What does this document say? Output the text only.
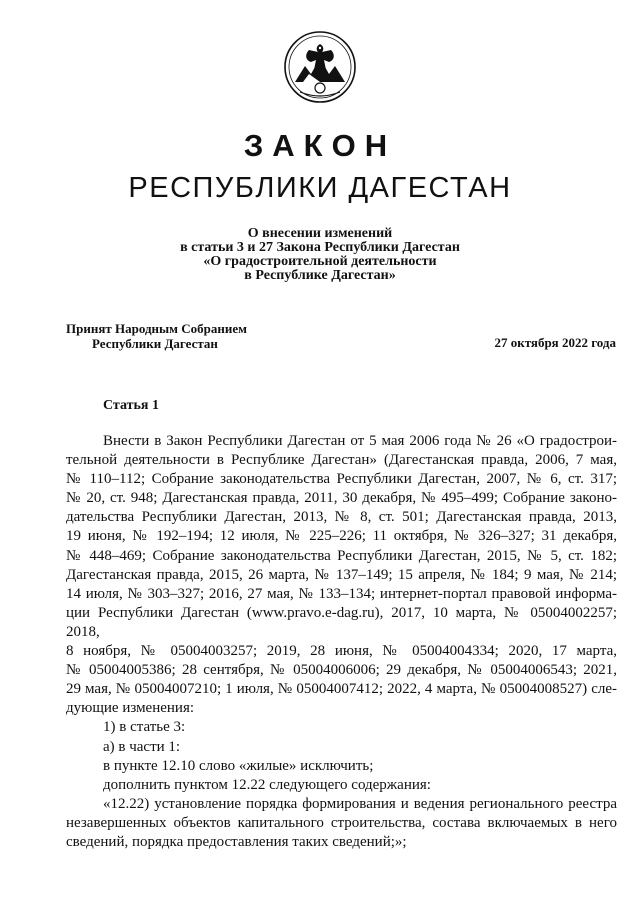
ЗАКОН
РЕСПУБЛИКИ ДАГЕСТАН
О внесении изменений
в статьи 3 и 27 Закона Республики Дагестан
«О градостроительной деятельности
в Республике Дагестан»
Принят Народным Собранием
Республики Дагестан	27 октября 2022 года
Статья 1
Внести в Закон Республики Дагестан от 5 мая 2006 года № 26 «О градострои-
тельной деятельности в Республике Дагестан» (Дагестанская правда, 2006, 7 мая,
№ 110–112; Собрание законодательства Республики Дагестан, 2007, № 6, ст. 317;
№ 20, ст. 948; Дагестанская правда, 2011, 30 декабря, № 495–499; Собрание законо-
дательства Республики Дагестан, 2013, № 8, ст. 501; Дагестанская правда, 2013,
19 июня, № 192–194; 12 июля, № 225–226; 11 октября, № 326–327; 31 декабря,
№ 448–469; Собрание законодательства Республики Дагестан, 2015, № 5, ст. 182;
Дагестанская правда, 2015, 26 марта, № 137–149; 15 апреля, № 184; 9 мая, № 214;
14 июля, № 303–327; 2016, 27 мая, № 133–134; интернет-портал правовой информа-
ции Республики Дагестан (www.pravo.e-dag.ru), 2017, 10 марта, № 05004002257; 2018,
8 ноября, № 05004003257; 2019, 28 июня, № 05004004334; 2020, 17 марта,
№ 05004005386; 28 сентября, № 05004006006; 29 декабря, № 05004006543; 2021,
29 мая, № 05004007210; 1 июля, № 05004007412; 2022, 4 марта, № 05004008527) сле-
дующие изменения:
1) в статье 3:
а) в части 1:
в пункте 12.10 слово «жилые» исключить;
дополнить пунктом 12.22 следующего содержания:
«12.22) установление порядка формирования и ведения регионального реестра
незавершенных объектов капитального строительства, состава включаемых в него
сведений, порядка предоставления таких сведений;»;
